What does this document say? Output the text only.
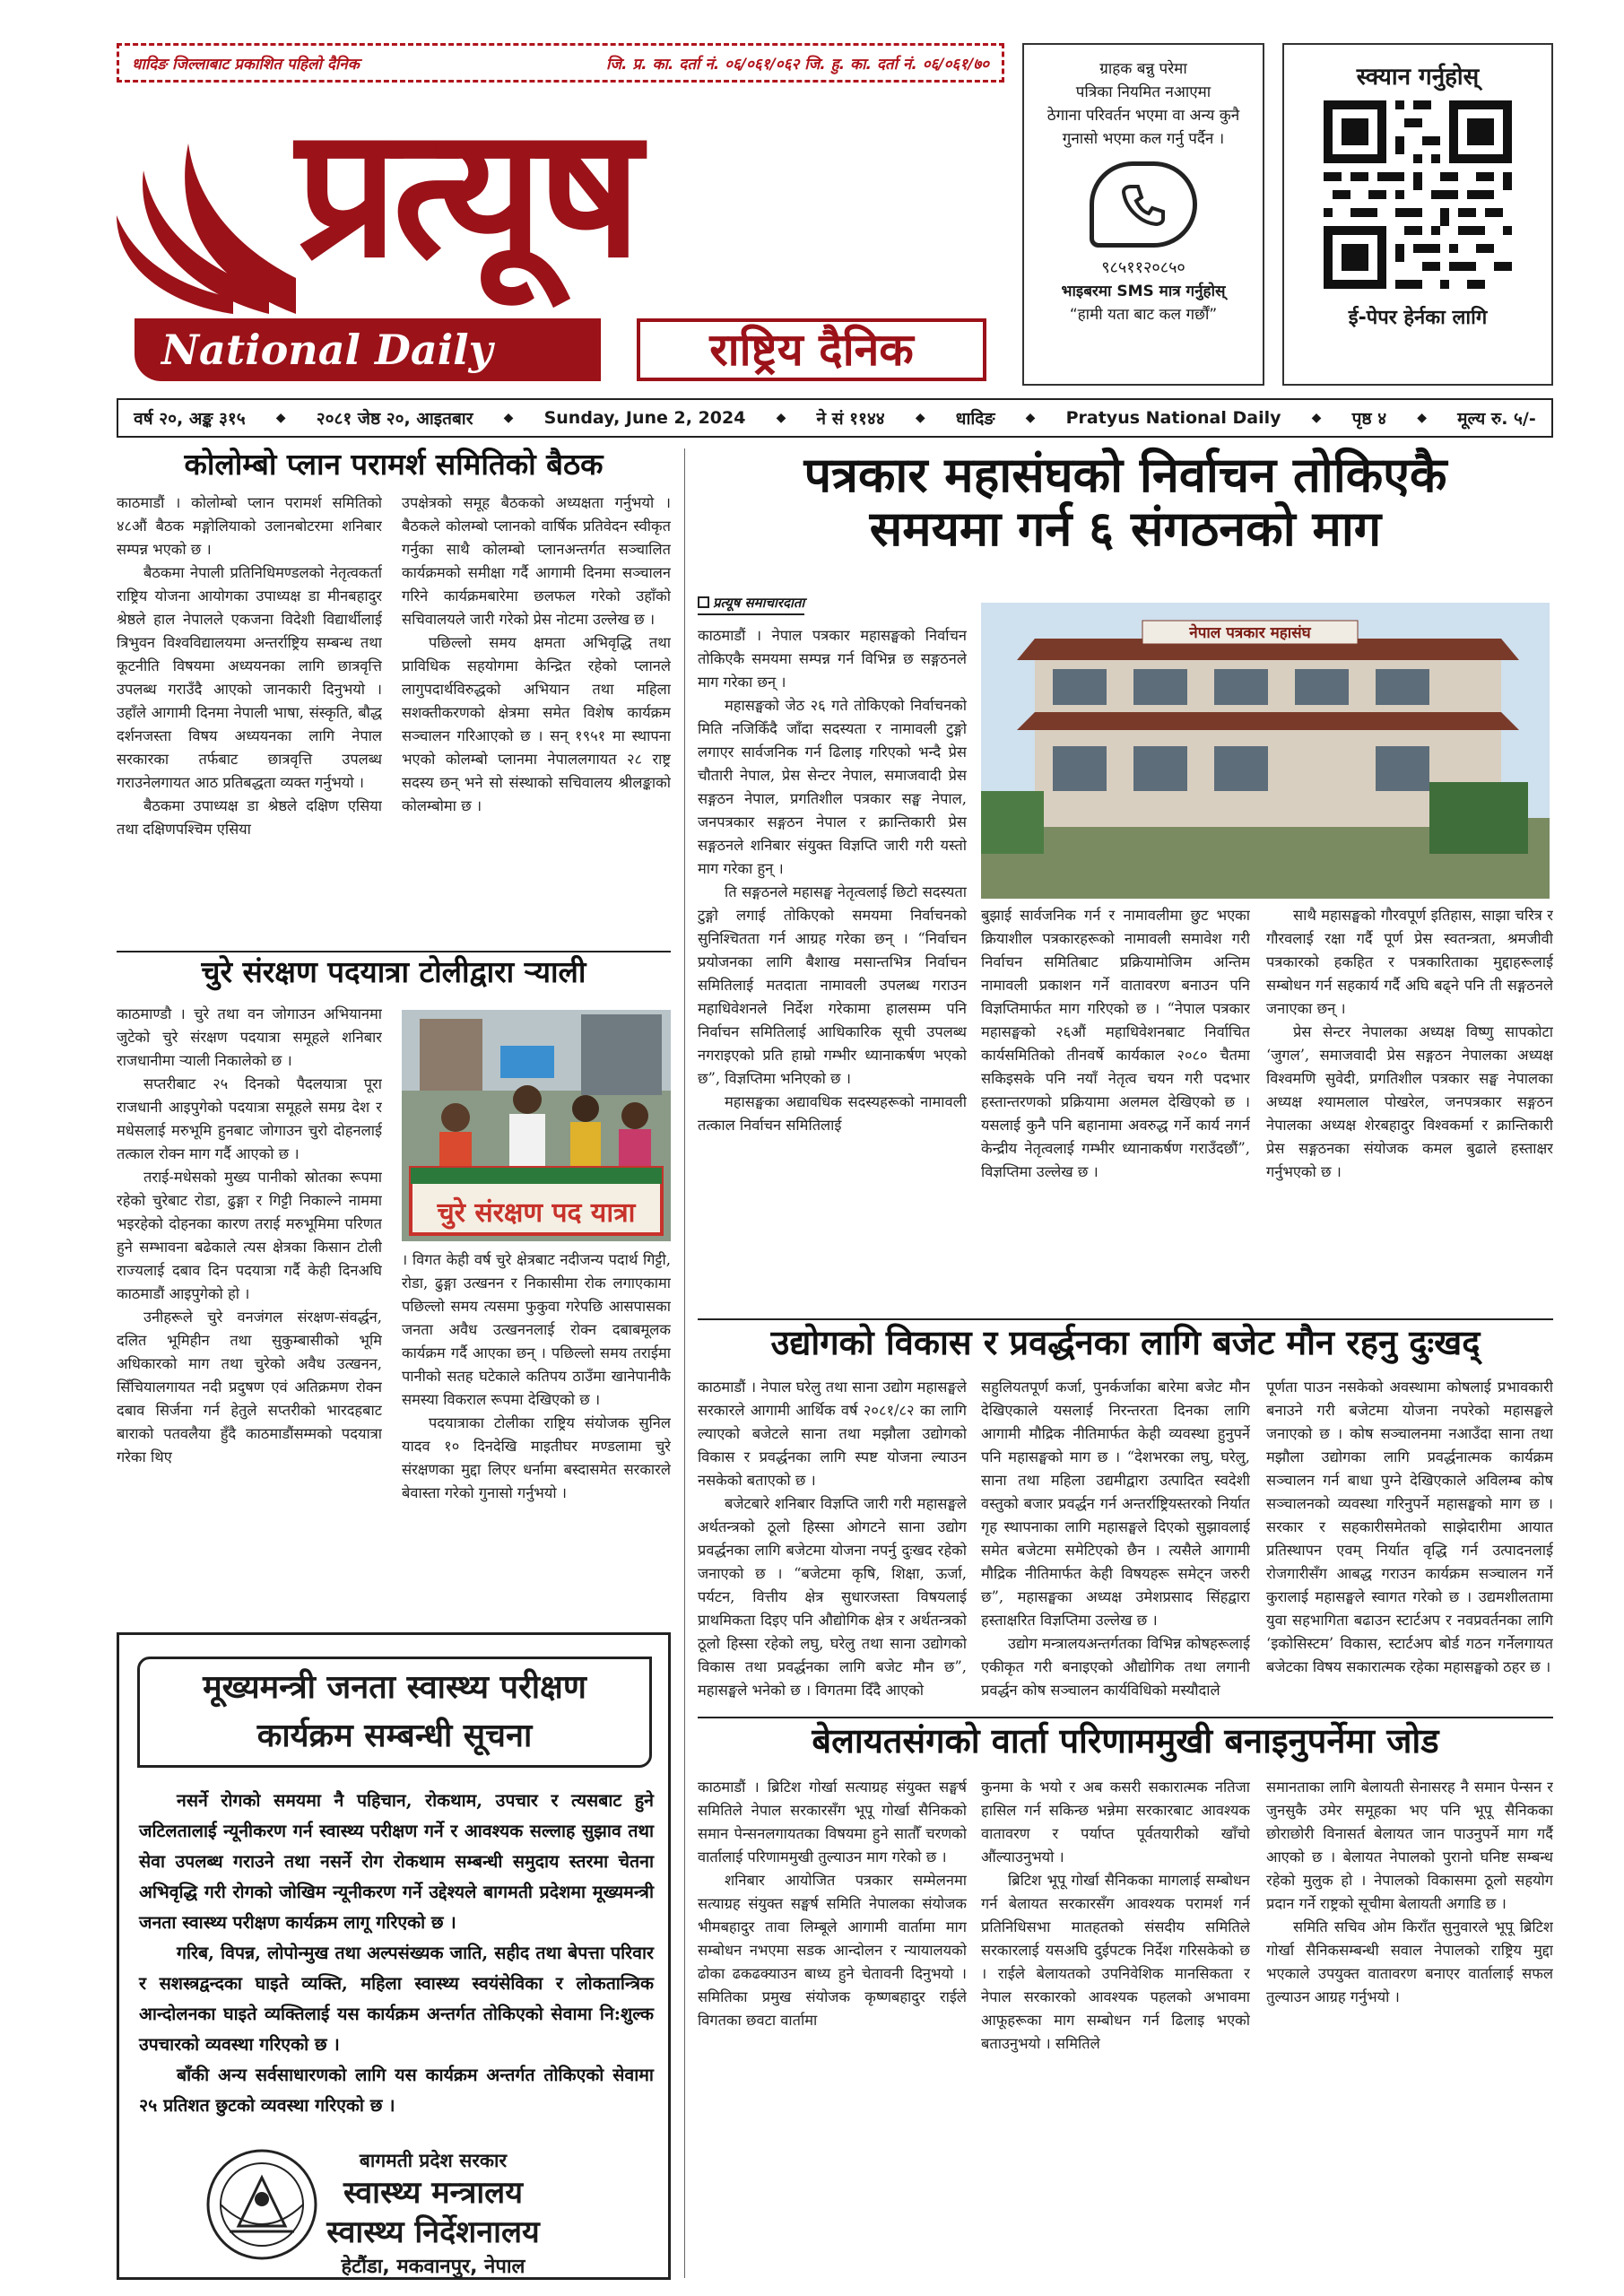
धादिङ जिल्लाबाट प्रकाशित पहिलो दैनिक	जि. प्र. का. दर्ता नं. ०६/०६१/०६२ जि. हु. का. दर्ता नं. ०६/०६१/७०
प्रत्यूष
National Daily	राष्ट्रिय दैनिक
ग्राहक बन्नु परेमा
पत्रिका नियमित नआएमा
ठेगाना परिवर्तन भएमा वा अन्य कुनै
गुनासो भएमा कल गर्नु पर्दैन ।
९८५११२०८५०
भाइबरमा SMS मात्र गर्नुहोस्
“हामी यता बाट कल गर्छौं”
स्क्यान गर्नुहोस्
ई-पेपर हेर्नका लागि
वर्ष २०, अङ्क ३१५ ◆ २०८१ जेष्ठ २०, आइतबार ◆ Sunday, June 2, 2024 ◆ ने सं ११४४ ◆ धादिङ ◆ Pratyus National Daily ◆ पृष्ठ ४ ◆ मूल्य रु. ५/-
कोलोम्बो प्लान परामर्श समितिको बैठक

काठमाडौं । कोलोम्बो प्लान परामर्श समितिको ४८औं बैठक मङ्गोलियाको उलानबोटरमा शनिबार सम्पन्न भएको छ ।

बैठकमा नेपाली प्रतिनिधिमण्डलको नेतृत्वकर्ता राष्ट्रिय योजना आयोगका उपाध्यक्ष डा मीनबहादुर श्रेष्ठले हाल नेपालले एकजना विदेशी विद्यार्थीलाई त्रिभुवन विश्वविद्यालयमा अन्तर्राष्ट्रिय सम्बन्ध तथा कूटनीति विषयमा अध्ययनका लागि छात्रवृत्ति उपलब्ध गराउँदै आएको जानकारी दिनुभयो । उहाँले आगामी दिनमा नेपाली भाषा, संस्कृति, बौद्ध दर्शनजस्ता विषय अध्ययनका लागि नेपाल सरकारका तर्फबाट छात्रवृत्ति उपलब्ध गराउनेलगायत आठ प्रतिबद्धता व्यक्त गर्नुभयो ।

बैठकमा उपाध्यक्ष डा श्रेष्ठले दक्षिण एसिया तथा दक्षिणपश्चिम एसिया

उपक्षेत्रको समूह बैठकको अध्यक्षता गर्नुभयो । बैठकले कोलम्बो प्लानको वार्षिक प्रतिवेदन स्वीकृत गर्नुका साथै कोलम्बो प्लानअन्तर्गत सञ्चालित कार्यक्रमको समीक्षा गर्दै आगामी दिनमा सञ्चालन गरिने कार्यक्रमबारेमा छलफल गरेको उहाँको सचिवालयले जारी गरेको प्रेस नोटमा उल्लेख छ ।

पछिल्लो समय क्षमता अभिवृद्धि तथा प्राविधिक सहयोगमा केन्द्रित रहेको प्लानले लागुपदार्थविरुद्धको अभियान तथा महिला सशक्तीकरणको क्षेत्रमा समेत विशेष कार्यक्रम सञ्चालन गरिआएको छ । सन् १९५१ मा स्थापना भएको कोलम्बो प्लानमा नेपाललगायत २८ राष्ट्र सदस्य छन् भने सो संस्थाको सचिवालय श्रीलङ्काको कोलम्बोमा छ ।

चुरे संरक्षण पदयात्रा टोलीद्वारा र्‍याली

काठमाण्डौ । चुरे तथा वन जोगाउन अभियानमा जुटेको चुरे संरक्षण पदयात्रा समूहले शनिबार राजधानीमा र्‍याली निकालेको छ ।

सप्तरीबाट २५ दिनको पैदलयात्रा पूरा राजधानी आइपुगेको पदयात्रा समूहले समग्र देश र मधेसलाई मरुभूमि हुनबाट जोगाउन चुरो दोहनलाई तत्काल रोक्न माग गर्दै आएको छ ।

तराई-मधेसको मुख्य पानीको स्रोतका रूपमा रहेको चुरेबाट रोडा, ढुङ्गा र गिट्टी निकाल्ने नाममा भइरहेको दोहनका कारण तराई मरुभूमिमा परिणत हुने सम्भावना बढेकाले त्यस क्षेत्रका किसान टोली राज्यलाई दबाव दिन पदयात्रा गर्दै केही दिनअघि काठमाडौं आइपुगेको हो ।

उनीहरूले चुरे वनजंगल संरक्षण-संवर्द्धन, दलित भूमिहीन तथा सुकुम्बासीको भूमि अधिकारको माग तथा चुरेको अवैध उत्खनन, सिँचियालगायत नदी प्रदुषण एवं अतिक्रमण रोक्न दबाव सिर्जना गर्न हेतुले सप्तरीको भारदहबाट बाराको पतवलैया हुँदै काठमाडौंसम्मको पदयात्रा गरेका थिए

चुरे संरक्षण पद यात्रा

। विगत केही वर्ष चुरे क्षेत्रबाट नदीजन्य पदार्थ गिट्टी, रोडा, ढुङ्गा उत्खनन र निकासीमा रोक लगाएकामा पछिल्लो समय त्यसमा फुकुवा गरेपछि आसपासका जनता अवैध उत्खननलाई रोक्न दबाबमूलक कार्यक्रम गर्दै आएका छन् । पछिल्लो समय तराईमा पानीको सतह घटेकाले कतिपय ठाउँमा खानेपानीकै समस्या विकराल रूपमा देखिएको छ ।

पदयात्राका टोलीका राष्ट्रिय संयोजक सुनिल यादव १० दिनदेखि माइतीघर मण्डलामा चुरे संरक्षणका मुद्दा लिएर धर्नामा बस्दासमेत सरकारले बेवास्ता गरेको गुनासो गर्नुभयो ।

मूख्यमन्त्री जनता स्वास्थ्य परीक्षण
कार्यक्रम सम्बन्धी सूचना

नसर्ने रोगको समयमा नै पहिचान, रोकथाम, उपचार र त्यसबाट हुने जटिलतालाई न्यूनीकरण गर्न स्वास्थ्य परीक्षण गर्ने र आवश्यक सल्लाह सुझाव तथा सेवा उपलब्ध गराउने तथा नसर्ने रोग रोकथाम सम्बन्धी समुदाय स्तरमा चेतना अभिवृद्धि गरी रोगको जोखिम न्यूनीकरण गर्ने उद्देश्यले बागमती प्रदेशमा मूख्यमन्त्री जनता स्वास्थ्य परीक्षण कार्यक्रम लागू गरिएको छ ।

गरिब, विपन्न, लोपोन्मुख तथा अल्पसंख्यक जाति, सहीद तथा बेपत्ता परिवार र सशस्त्रद्वन्दका घाइते व्यक्ति, महिला स्वास्थ्य स्वयंसेविका र लोकतान्त्रिक आन्दोलनका घाइते व्यक्तिलाई यस कार्यक्रम अन्तर्गत तोकिएको सेवामा नि:शुल्क उपचारको व्यवस्था गरिएको छ ।

बाँकी अन्य सर्वसाधारणको लागि यस कार्यक्रम अन्तर्गत तोकिएको सेवामा २५ प्रतिशत छुटको व्यवस्था गरिएको छ ।

बागमती प्रदेश सरकार
स्वास्थ्य मन्त्रालय
स्वास्थ्य निर्देशनालय
हेटौंडा, मकवानपुर, नेपाल
पत्रकार महासंघको निर्वाचन तोकिएकै
समयमा गर्न ६ संगठनको माग
प्रत्यूष समाचारदाता

काठमाडौं । नेपाल पत्रकार महासङ्घको निर्वाचन तोकिएकै समयमा सम्पन्न गर्न विभिन्न छ सङ्गठनले माग गरेका छन् ।

महासङ्घको जेठ २६ गते तोकिएको निर्वाचनको मिति नजिकिँदै जाँदा सदस्यता र नामावली टुङ्गो लगाएर सार्वजनिक गर्न ढिलाइ गरिएको भन्दै प्रेस चौतारी नेपाल, प्रेस सेन्टर नेपाल, समाजवादी प्रेस सङ्गठन नेपाल, प्रगतिशील पत्रकार सङ्घ नेपाल, जनपत्रकार सङ्गठन नेपाल र क्रान्तिकारी प्रेस सङ्गठनले शनिबार संयुक्त विज्ञप्ति जारी गरी यस्तो माग गरेका हुन् ।

ति सङ्गठनले महासङ्घ नेतृत्वलाई छिटो सदस्यता टुङ्गो लगाई तोकिएको समयमा निर्वाचनको सुनिश्चितता गर्न आग्रह गरेका छन् । “निर्वाचन प्रयोजनका लागि बैशाख मसान्तभित्र निर्वाचन समितिलाई मतदाता नामावली उपलब्ध गराउन महाधिवेशनले निर्देश गरेकामा हालसम्म पनि निर्वाचन समितिलाई आधिकारिक सूची उपलब्ध नगराइएको प्रति हाम्रो गम्भीर ध्यानाकर्षण भएको छ”, विज्ञप्तिमा भनिएको छ ।

महासङ्घका अद्यावधिक सदस्यहरूको नामावली तत्काल निर्वाचन समितिलाई

नेपाल पत्रकार महासंघ

बुझाई सार्वजनिक गर्न र नामावलीमा छुट भएका क्रियाशील पत्रकारहरूको नामावली समावेश गरी निर्वाचन समितिबाट प्रक्रियामोजिम अन्तिम नामावली प्रकाशन गर्ने वातावरण बनाउन पनि विज्ञप्तिमार्फत माग गरिएको छ । “नेपाल पत्रकार महासङ्घको २६औं महाधिवेशनबाट निर्वाचित कार्यसमितिको तीनवर्षे कार्यकाल २०८० चैतमा सकिइसके पनि नयाँ नेतृत्व चयन गरी पदभार हस्तान्तरणको प्रक्रियामा अलमल देखिएको छ । यसलाई कुनै पनि बहानामा अवरुद्ध गर्ने कार्य नगर्न केन्द्रीय नेतृत्वलाई गम्भीर ध्यानाकर्षण गराउँदछौं”, विज्ञप्तिमा उल्लेख छ ।

साथै महासङ्घको गौरवपूर्ण इतिहास, साझा चरित्र र गौरवलाई रक्षा गर्दै पूर्ण प्रेस स्वतन्त्रता, श्रमजीवी पत्रकारको हकहित र पत्रकारिताका मुद्दाहरूलाई सम्बोधन गर्न सहकार्य गर्दै अघि बढ्ने पनि ती सङ्गठनले जनाएका छन् ।

प्रेस सेन्टर नेपालका अध्यक्ष विष्णु सापकोटा ‘जुगल’, समाजवादी प्रेस सङ्गठन नेपालका अध्यक्ष विश्वमणि सुवेदी, प्रगतिशील पत्रकार सङ्घ नेपालका अध्यक्ष श्यामलाल पोखरेल, जनपत्रकार सङ्गठन नेपालका अध्यक्ष शेरबहादुर विश्वकर्मा र क्रान्तिकारी प्रेस सङ्गठनका संयोजक कमल बुढाले हस्ताक्षर गर्नुभएको छ ।

उद्योगको विकास र प्रवर्द्धनका लागि बजेट मौन रहनु दुःखद्

काठमाडौं । नेपाल घरेलु तथा साना उद्योग महासङ्घले सरकारले आगामी आर्थिक वर्ष २०८१/८२ का लागि ल्याएको बजेटले साना तथा मझौला उद्योगको विकास र प्रवर्द्धनका लागि स्पष्ट योजना ल्याउन नसकेको बताएको छ ।

बजेटबारे शनिबार विज्ञप्ति जारी गरी महासङ्घले अर्थतन्त्रको ठूलो हिस्सा ओगटने साना उद्योग प्रवर्द्धनका लागि बजेटमा योजना नपर्नु दुःखद रहेको जनाएको छ । “बजेटमा कृषि, शिक्षा, ऊर्जा, पर्यटन, वित्तीय क्षेत्र सुधारजस्ता विषयलाई प्राथमिकता दिइए पनि औद्योगिक क्षेत्र र अर्थतन्त्रको ठूलो हिस्सा रहेको लघु, घरेलु तथा साना उद्योगको विकास तथा प्रवर्द्धनका लागि बजेट मौन छ”, महासङ्घले भनेको छ । विगतमा दिँदै आएको

सहुलियतपूर्ण कर्जा, पुनर्कर्जाका बारेमा बजेट मौन देखिएकाले यसलाई निरन्तरता दिनका लागि आगामी मौद्रिक नीतिमार्फत केही व्यवस्था हुनुपर्ने पनि महासङ्घको माग छ । “देशभरका लघु, घरेलु, साना तथा महिला उद्यमीद्वारा उत्पादित स्वदेशी वस्तुको बजार प्रवर्द्धन गर्न अन्तर्राष्ट्रियस्तरको निर्यात गृह स्थापनाका लागि महासङ्घले दिएको सुझावलाई समेत बजेटमा समेटिएको छैन । त्यसैले आगामी मौद्रिक नीतिमार्फत केही विषयहरू समेट्न जरुरी छ”, महासङ्घका अध्यक्ष उमेशप्रसाद सिंहद्वारा हस्ताक्षरित विज्ञप्तिमा उल्लेख छ ।

उद्योग मन्त्रालयअन्तर्गतका विभिन्न कोषहरूलाई एकीकृत गरी बनाइएको औद्योगिक तथा लगानी प्रवर्द्धन कोष सञ्चालन कार्यविधिको मस्यौदाले

पूर्णता पाउन नसकेको अवस्थामा कोषलाई प्रभावकारी बनाउने गरी बजेटमा योजना नपरेको महासङ्घले जनाएको छ । कोष सञ्चालनमा नआउँदा साना तथा मझौला उद्योगका लागि प्रवर्द्धनात्मक कार्यक्रम सञ्चालन गर्न बाधा पुग्ने देखिएकाले अविलम्ब कोष सञ्चालनको व्यवस्था गरिनुपर्ने महासङ्घको माग छ । सरकार र सहकारीसमेतको साझेदारीमा आयात प्रतिस्थापन एवम् निर्यात वृद्धि गर्न उत्पादनलाई रोजगारीसँग आबद्ध गराउन कार्यक्रम सञ्चालन गर्ने कुरालाई महासङ्घले स्वागत गरेको छ । उद्यमशीलतामा युवा सहभागिता बढाउन स्टार्टअप र नवप्रवर्तनका लागि ‘इकोसिस्टम’ विकास, स्टार्टअप बोर्ड गठन गर्नेलगायत बजेटका विषय सकारात्मक रहेका महासङ्घको ठहर छ ।

बेलायतसंगको वार्ता परिणाममुखी बनाइनुपर्नेमा जोड

काठमाडौं । ब्रिटिश गोर्खा सत्याग्रह संयुक्त सङ्घर्ष समितिले नेपाल सरकारसँग भूपू गोर्खा सैनिकको समान पेन्सनलगायतका विषयमा हुने सातौँ चरणको वार्तालाई परिणाममुखी तुल्याउन माग गरेको छ ।

शनिबार आयोजित पत्रकार सम्मेलनमा सत्याग्रह संयुक्त सङ्घर्ष समिति नेपालका संयोजक भीमबहादुर तावा लिम्बूले आगामी वार्तामा माग सम्बोधन नभएमा सडक आन्दोलन र न्यायालयको ढोका ढकढक्याउन बाध्य हुने चेतावनी दिनुभयो । समितिका प्रमुख संयोजक कृष्णबहादुर राईले विगतका छवटा वार्तामा

कुनमा के भयो र अब कसरी सकारात्मक नतिजा हासिल गर्न सकिन्छ भन्नेमा सरकारबाट आवश्यक वातावरण र पर्याप्त पूर्वतयारीको खाँचो औंल्याउनुभयो ।

ब्रिटिश भूपू गोर्खा सैनिकका मागलाई सम्बोधन गर्न बेलायत सरकारसँग आवश्यक परामर्श गर्न प्रतिनिधिसभा मातहतको संसदीय समितिले सरकारलाई यसअघि दुईपटक निर्देश गरिसकेको छ । राईले बेलायतको उपनिवेशिक मानसिकता र नेपाल सरकारको आवश्यक पहलको अभावमा आफूहरूका माग सम्बोधन गर्न ढिलाइ भएको बताउनुभयो । समितिले

समानताका लागि बेलायती सेनासरह नै समान पेन्सन र जुनसुकै उमेर समूहका भए पनि भूपू सैनिकका छोराछोरी विनासर्त बेलायत जान पाउनुपर्ने माग गर्दै आएको छ । बेलायत नेपालको पुरानो घनिष्ट सम्बन्ध रहेको मुलुक हो । नेपालको विकासमा ठूलो सहयोग प्रदान गर्ने राष्ट्रको सूचीमा बेलायती अगाडि छ ।

समिति सचिव ओम किराँत सुनुवारले भूपू ब्रिटिश गोर्खा सैनिकसम्बन्धी सवाल नेपालको राष्ट्रिय मुद्दा भएकाले उपयुक्त वातावरण बनाएर वार्तालाई सफल तुल्याउन आग्रह गर्नुभयो ।
